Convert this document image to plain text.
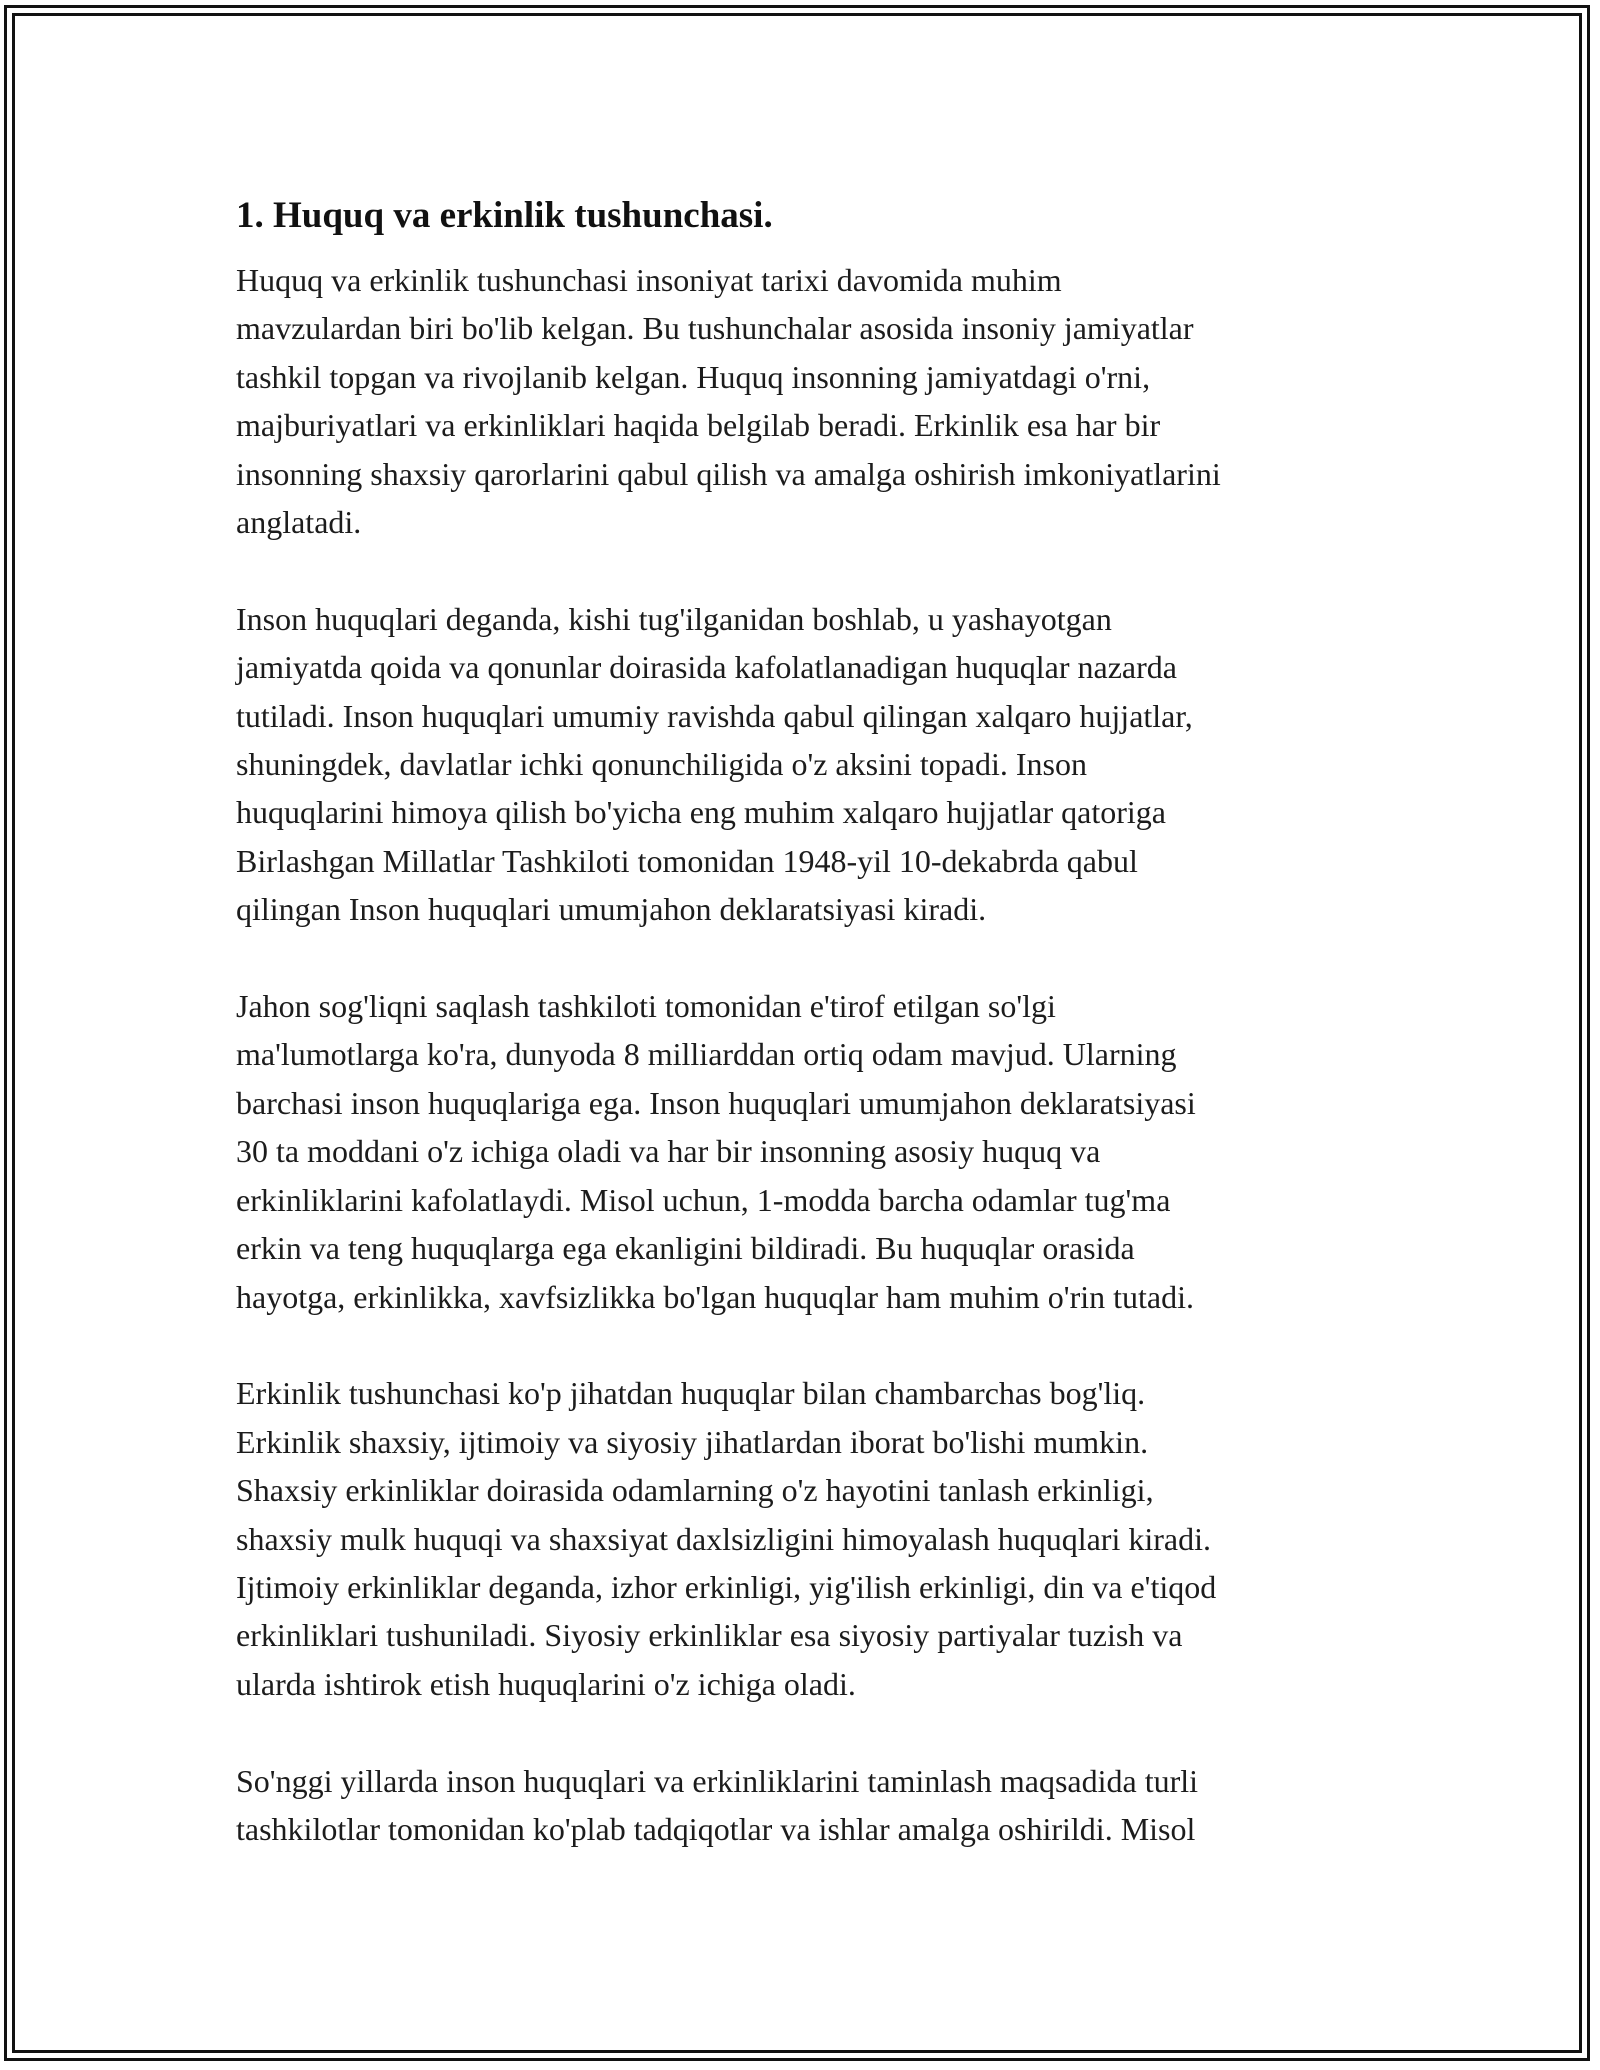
1. Huquq va erkinlik tushunchasi.

Huquq va erkinlik tushunchasi insoniyat tarixi davomida muhim
mavzulardan biri bo'lib kelgan. Bu tushunchalar asosida insoniy jamiyatlar
tashkil topgan va rivojlanib kelgan. Huquq insonning jamiyatdagi o'rni,
majburiyatlari va erkinliklari haqida belgilab beradi. Erkinlik esa har bir
insonning shaxsiy qarorlarini qabul qilish va amalga oshirish imkoniyatlarini
anglatadi.

Inson huquqlari deganda, kishi tug'ilganidan boshlab, u yashayotgan
jamiyatda qoida va qonunlar doirasida kafolatlanadigan huquqlar nazarda
tutiladi. Inson huquqlari umumiy ravishda qabul qilingan xalqaro hujjatlar,
shuningdek, davlatlar ichki qonunchiligida o'z aksini topadi. Inson
huquqlarini himoya qilish bo'yicha eng muhim xalqaro hujjatlar qatoriga
Birlashgan Millatlar Tashkiloti tomonidan 1948-yil 10-dekabrda qabul
qilingan Inson huquqlari umumjahon deklaratsiyasi kiradi.

Jahon sog'liqni saqlash tashkiloti tomonidan e'tirof etilgan so'lgi
ma'lumotlarga ko'ra, dunyoda 8 milliarddan ortiq odam mavjud. Ularning
barchasi inson huquqlariga ega. Inson huquqlari umumjahon deklaratsiyasi
30 ta moddani o'z ichiga oladi va har bir insonning asosiy huquq va
erkinliklarini kafolatlaydi. Misol uchun, 1-modda barcha odamlar tug'ma
erkin va teng huquqlarga ega ekanligini bildiradi. Bu huquqlar orasida
hayotga, erkinlikka, xavfsizlikka bo'lgan huquqlar ham muhim o'rin tutadi.

Erkinlik tushunchasi ko'p jihatdan huquqlar bilan chambarchas bog'liq.
Erkinlik shaxsiy, ijtimoiy va siyosiy jihatlardan iborat bo'lishi mumkin.
Shaxsiy erkinliklar doirasida odamlarning o'z hayotini tanlash erkinligi,
shaxsiy mulk huquqi va shaxsiyat daxlsizligini himoyalash huquqlari kiradi.
Ijtimoiy erkinliklar deganda, izhor erkinligi, yig'ilish erkinligi, din va e'tiqod
erkinliklari tushuniladi. Siyosiy erkinliklar esa siyosiy partiyalar tuzish va
ularda ishtirok etish huquqlarini o'z ichiga oladi.

So'nggi yillarda inson huquqlari va erkinliklarini taminlash maqsadida turli
tashkilotlar tomonidan ko'plab tadqiqotlar va ishlar amalga oshirildi. Misol
